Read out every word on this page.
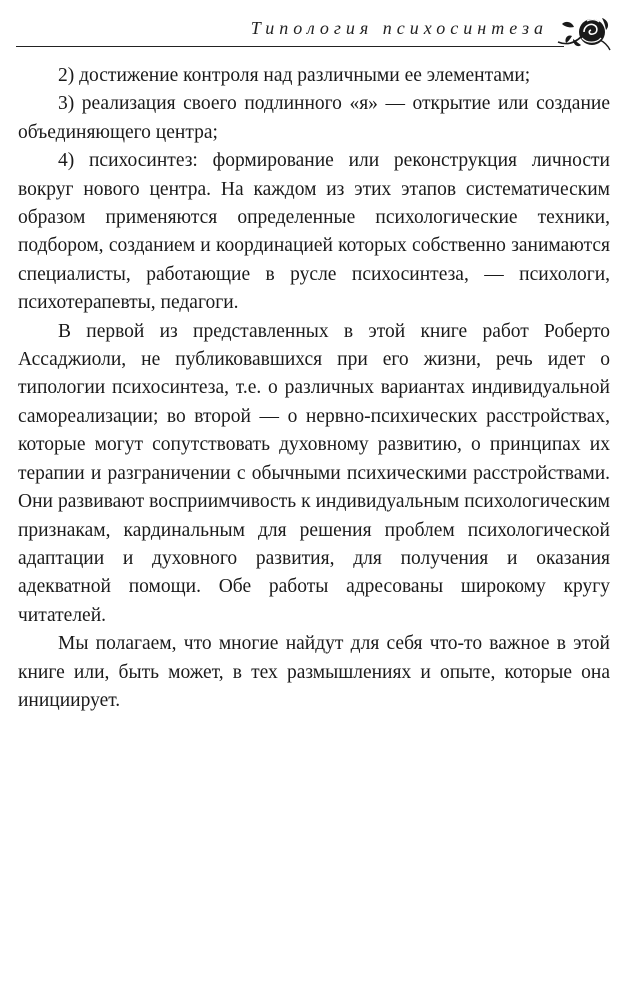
Типология психосинтеза

2) достижение контроля над различными ее элементами;

3) реализация своего подлинного «я» — открытие или создание объединяющего центра;

4) психосинтез: формирование или реконструкция личности вокруг нового центра. На каждом из этих этапов систематическим образом применяются определенные психологические техники, подбором, созданием и координацией которых собственно занимаются специалисты, работающие в русле психосинтеза, — психологи, психотерапевты, педагоги.

В первой из представленных в этой книге работ Роберто Ассаджиоли, не публиковавшихся при его жизни, речь идет о типологии психосинтеза, т.е. о различных вариантах индивидуальной самореализации; во второй — о нервно-психических расстройствах, которые могут сопутствовать духовному развитию, о принципах их терапии и разграничении с обычными психическими расстройствами. Они развивают восприимчивость к индивидуальным психологическим признакам, кардинальным для решения проблем психологической адаптации и духовного развития, для получения и оказания адекватной помощи. Обе работы адресованы широкому кругу читателей.

Мы полагаем, что многие найдут для себя что-то важное в этой книге или, быть может, в тех размышлениях и опыте, которые она инициирует.
